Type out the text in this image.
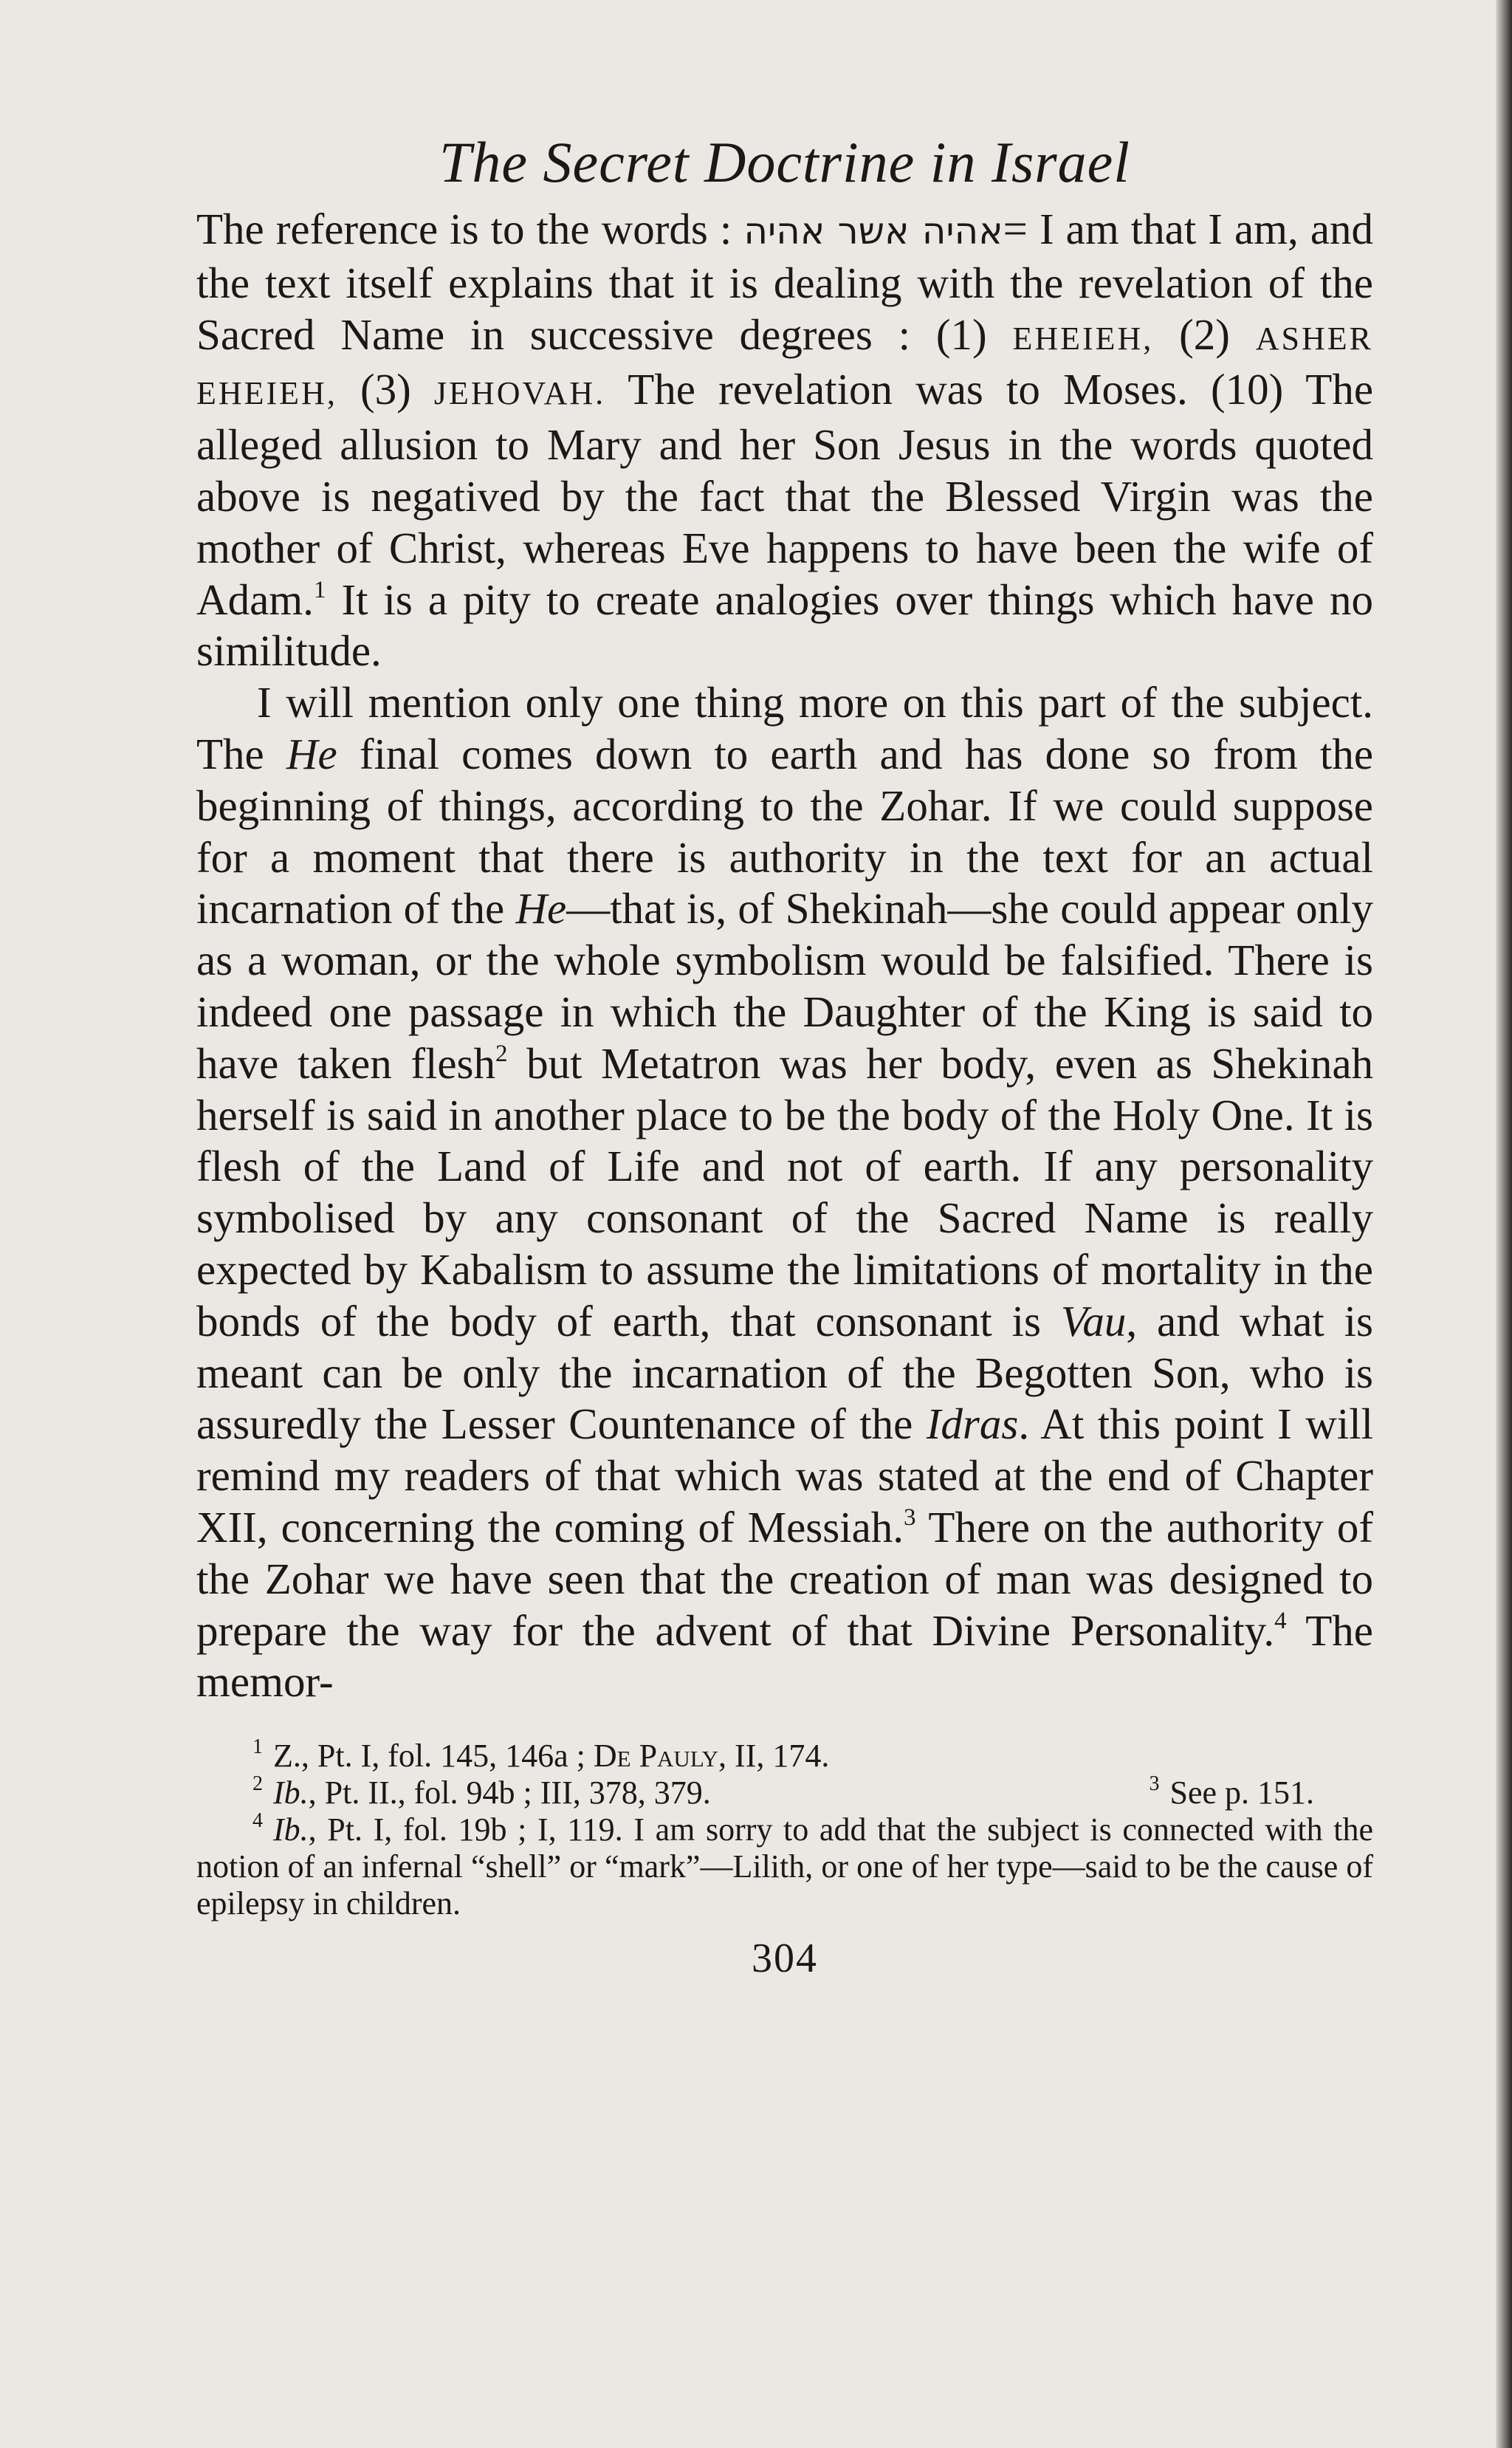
The Secret Doctrine in Israel

The reference is to the words : אהיה אשר אהיה= I am that I am, and the text itself explains that it is dealing with the revelation of the Sacred Name in successive degrees : (1) EHEIEH, (2) ASHER EHEIEH, (3) JEHOVAH. The revelation was to Moses. (10) The alleged allusion to Mary and her Son Jesus in the words quoted above is negatived by the fact that the Blessed Virgin was the mother of Christ, whereas Eve happens to have been the wife of Adam.$^1$ It is a pity to create analogies over things which have no similitude.

I will mention only one thing more on this part of the subject. The He final comes down to earth and has done so from the beginning of things, according to the Zohar. If we could suppose for a moment that there is authority in the text for an actual incarnation of the He—that is, of Shekinah—she could appear only as a woman, or the whole symbolism would be falsified. There is indeed one passage in which the Daughter of the King is said to have taken flesh$^2$ but Metatron was her body, even as Shekinah herself is said in another place to be the body of the Holy One. It is flesh of the Land of Life and not of earth. If any personality symbolised by any consonant of the Sacred Name is really expected by Kabalism to assume the limitations of mortality in the bonds of the body of earth, that consonant is Vau, and what is meant can be only the incarnation of the Begotten Son, who is assuredly the Lesser Countenance of the Idras. At this point I will remind my readers of that which was stated at the end of Chapter XII, concerning the coming of Messiah.$^3$ There on the authority of the Zohar we have seen that the creation of man was designed to prepare the way for the advent of that Divine Personality.$^4$ The memor-

$^1$ Z., Pt. I, fol. 145, 146a ; De Pauly, II, 174.

$^2$ Ib., Pt. II., fol. 94b ; III, 378, 379.	$^3$ See p. 151.

$^4$ Ib., Pt. I, fol. 19b ; I, 119. I am sorry to add that the subject is connected with the notion of an infernal “shell” or “mark”—Lilith, or one of her type—said to be the cause of epilepsy in children.

304
